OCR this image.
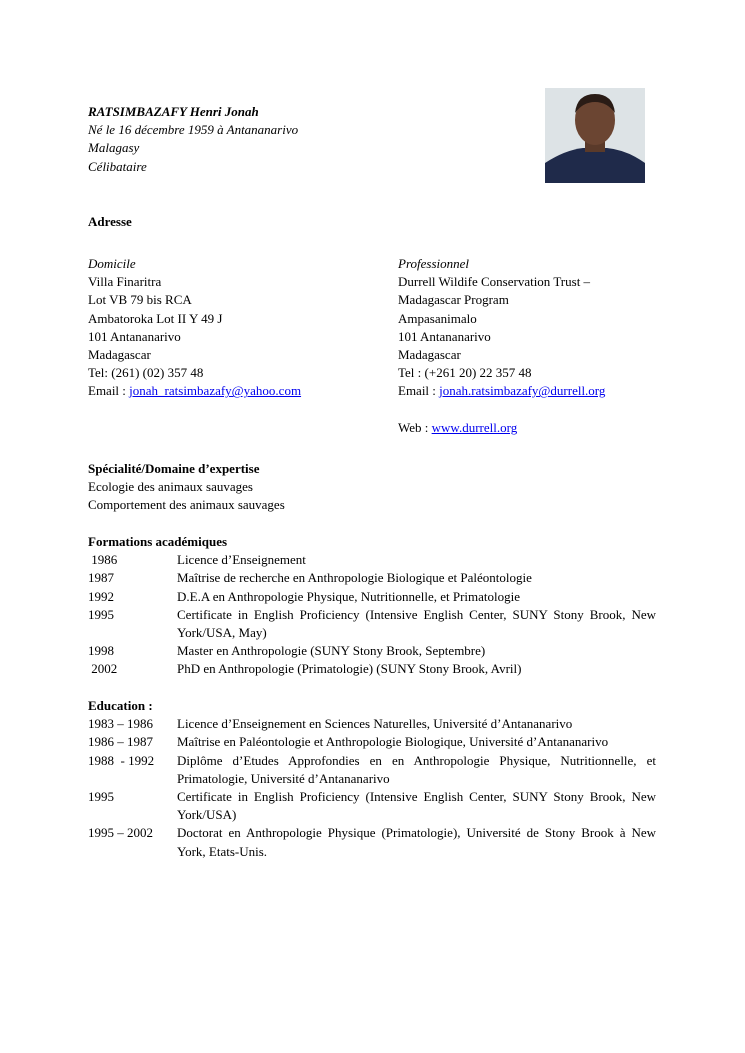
RATSIMBAZAFY Henri Jonah
Né le 16 décembre 1959 à Antananarivo
Malagasy
Célibataire
Adresse
Domicile
Villa Finaritra
Lot VB 79 bis RCA
Ambatoroka Lot II Y 49 J
101 Antananarivo
Madagascar
Tel: (261) (02) 357 48
Email : jonah_ratsimbazafy@yahoo.com
Professionnel
Durrell Wildife Conservation Trust –
Madagascar Program
Ampasanimalo
101 Antananarivo
Madagascar
Tel : (+261 20) 22 357 48
Email : jonah.ratsimbazafy@durrell.org

Web : www.durrell.org
Spécialité/Domaine d’expertise
Ecologie des animaux sauvages
Comportement des animaux sauvages
Formations académiques
1986	Licence d’Enseignement
1987	Maîtrise de recherche en Anthropologie Biologique et Paléontologie
1992	D.E.A en Anthropologie Physique, Nutritionnelle, et Primatologie
1995	Certificate in English Proficiency (Intensive English Center, SUNY Stony Brook, New York/USA, May)
1998	Master en Anthropologie (SUNY Stony Brook, Septembre)
2002	PhD en Anthropologie (Primatologie) (SUNY Stony Brook, Avril)
Education :
1983 – 1986	Licence d’Enseignement en Sciences Naturelles, Université d’Antananarivo
1986 – 1987	Maîtrise en Paléontologie et Anthropologie Biologique, Université d’Antananarivo
1988  - 1992	Diplôme d’Etudes Approfondies en en Anthropologie Physique, Nutritionnelle, et Primatologie, Université d’Antananarivo
1995	Certificate in English Proficiency (Intensive English Center, SUNY Stony Brook, New York/USA)
1995 – 2002	Doctorat en Anthropologie Physique (Primatologie), Université de Stony Brook à New York, Etats-Unis.
